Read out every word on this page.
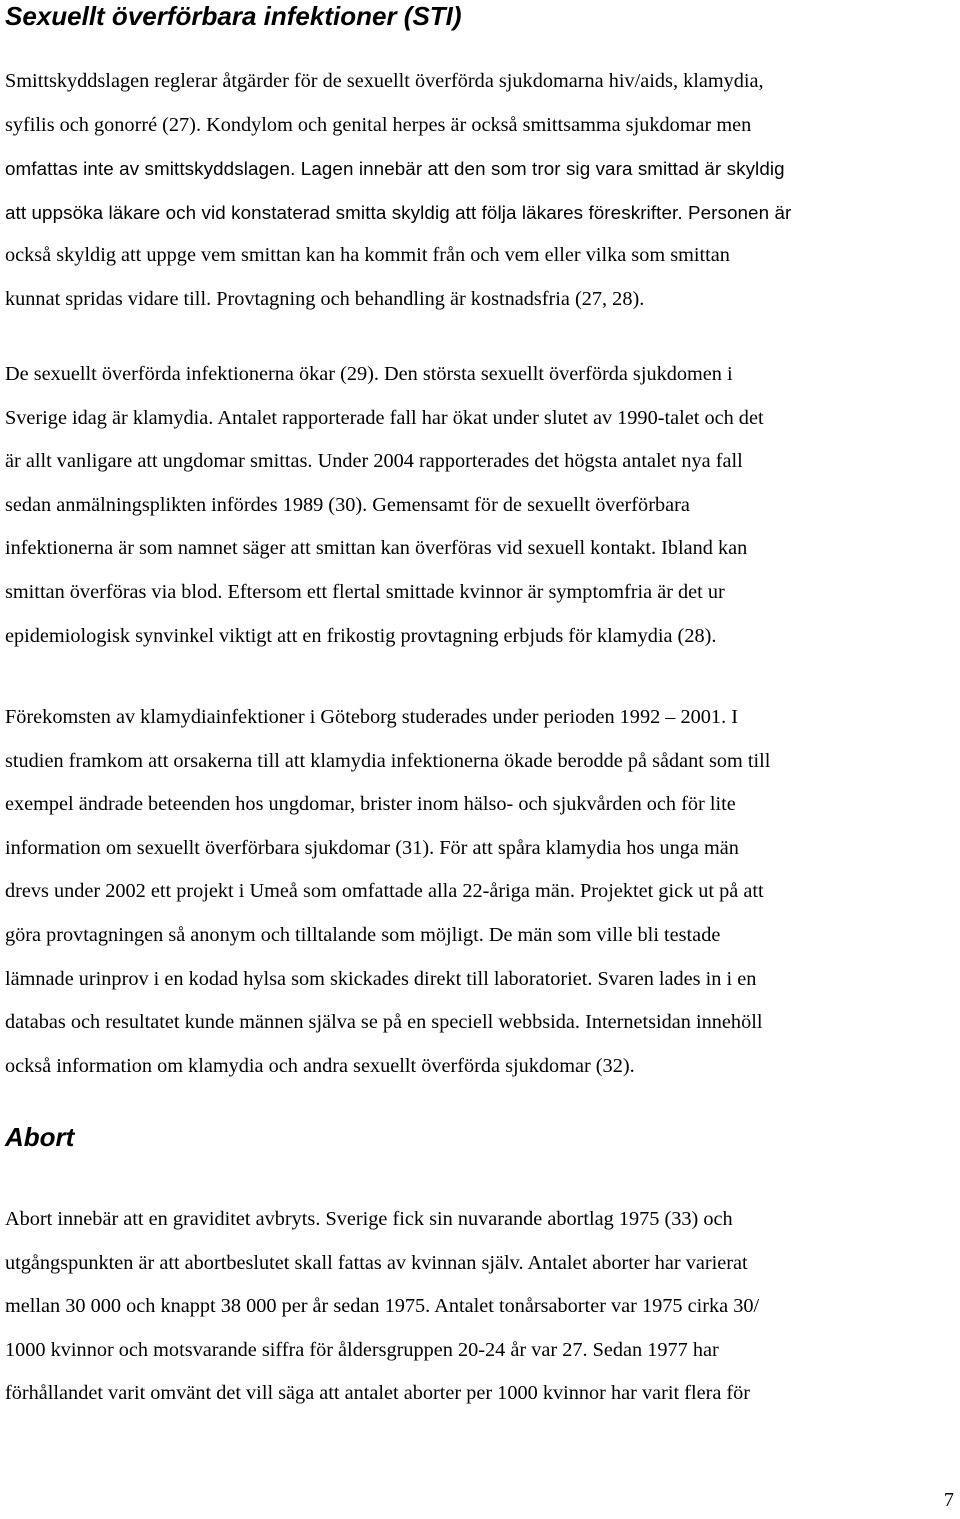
Sexuellt överförbara infektioner (STI)

Smittskyddslagen reglerar åtgärder för de sexuellt överförda sjukdomarna hiv/aids, klamydia,
syfilis och gonorré (27). Kondylom och genital herpes är också smittsamma sjukdomar men
omfattas inte av smittskyddslagen. Lagen innebär att den som tror sig vara smittad är skyldig
att uppsöka läkare och vid konstaterad smitta skyldig att följa läkares föreskrifter. Personen är
också skyldig att uppge vem smittan kan ha kommit från och vem eller vilka som smittan
kunnat spridas vidare till. Provtagning och behandling är kostnadsfria (27, 28).

De sexuellt överförda infektionerna ökar (29). Den största sexuellt överförda sjukdomen i
Sverige idag är klamydia. Antalet rapporterade fall har ökat under slutet av 1990-talet och det
är allt vanligare att ungdomar smittas. Under 2004 rapporterades det högsta antalet nya fall
sedan anmälningsplikten infördes 1989 (30). Gemensamt för de sexuellt överförbara
infektionerna är som namnet säger att smittan kan överföras vid sexuell kontakt. Ibland kan
smittan överföras via blod. Eftersom ett flertal smittade kvinnor är symptomfria är det ur
epidemiologisk synvinkel viktigt att en frikostig provtagning erbjuds för klamydia (28).

Förekomsten av klamydiainfektioner i Göteborg studerades under perioden 1992 – 2001. I
studien framkom att orsakerna till att klamydia infektionerna ökade berodde på sådant som till
exempel ändrade beteenden hos ungdomar, brister inom hälso- och sjukvården och för lite
information om sexuellt överförbara sjukdomar (31). För att spåra klamydia hos unga män
drevs under 2002 ett projekt i Umeå som omfattade alla 22-åriga män. Projektet gick ut på att
göra provtagningen så anonym och tilltalande som möjligt. De män som ville bli testade
lämnade urinprov i en kodad hylsa som skickades direkt till laboratoriet. Svaren lades in i en
databas och resultatet kunde männen själva se på en speciell webbsida. Internetsidan innehöll
också information om klamydia och andra sexuellt överförda sjukdomar (32).

Abort

Abort innebär att en graviditet avbryts. Sverige fick sin nuvarande abortlag 1975 (33) och
utgångspunkten är att abortbeslutet skall fattas av kvinnan själv. Antalet aborter har varierat
mellan 30 000 och knappt 38 000 per år sedan 1975. Antalet tonårsaborter var 1975 cirka 30/
1000 kvinnor och motsvarande siffra för åldersgruppen 20-24 år var 27. Sedan 1977 har
förhållandet varit omvänt det vill säga att antalet aborter per 1000 kvinnor har varit flera för

7
